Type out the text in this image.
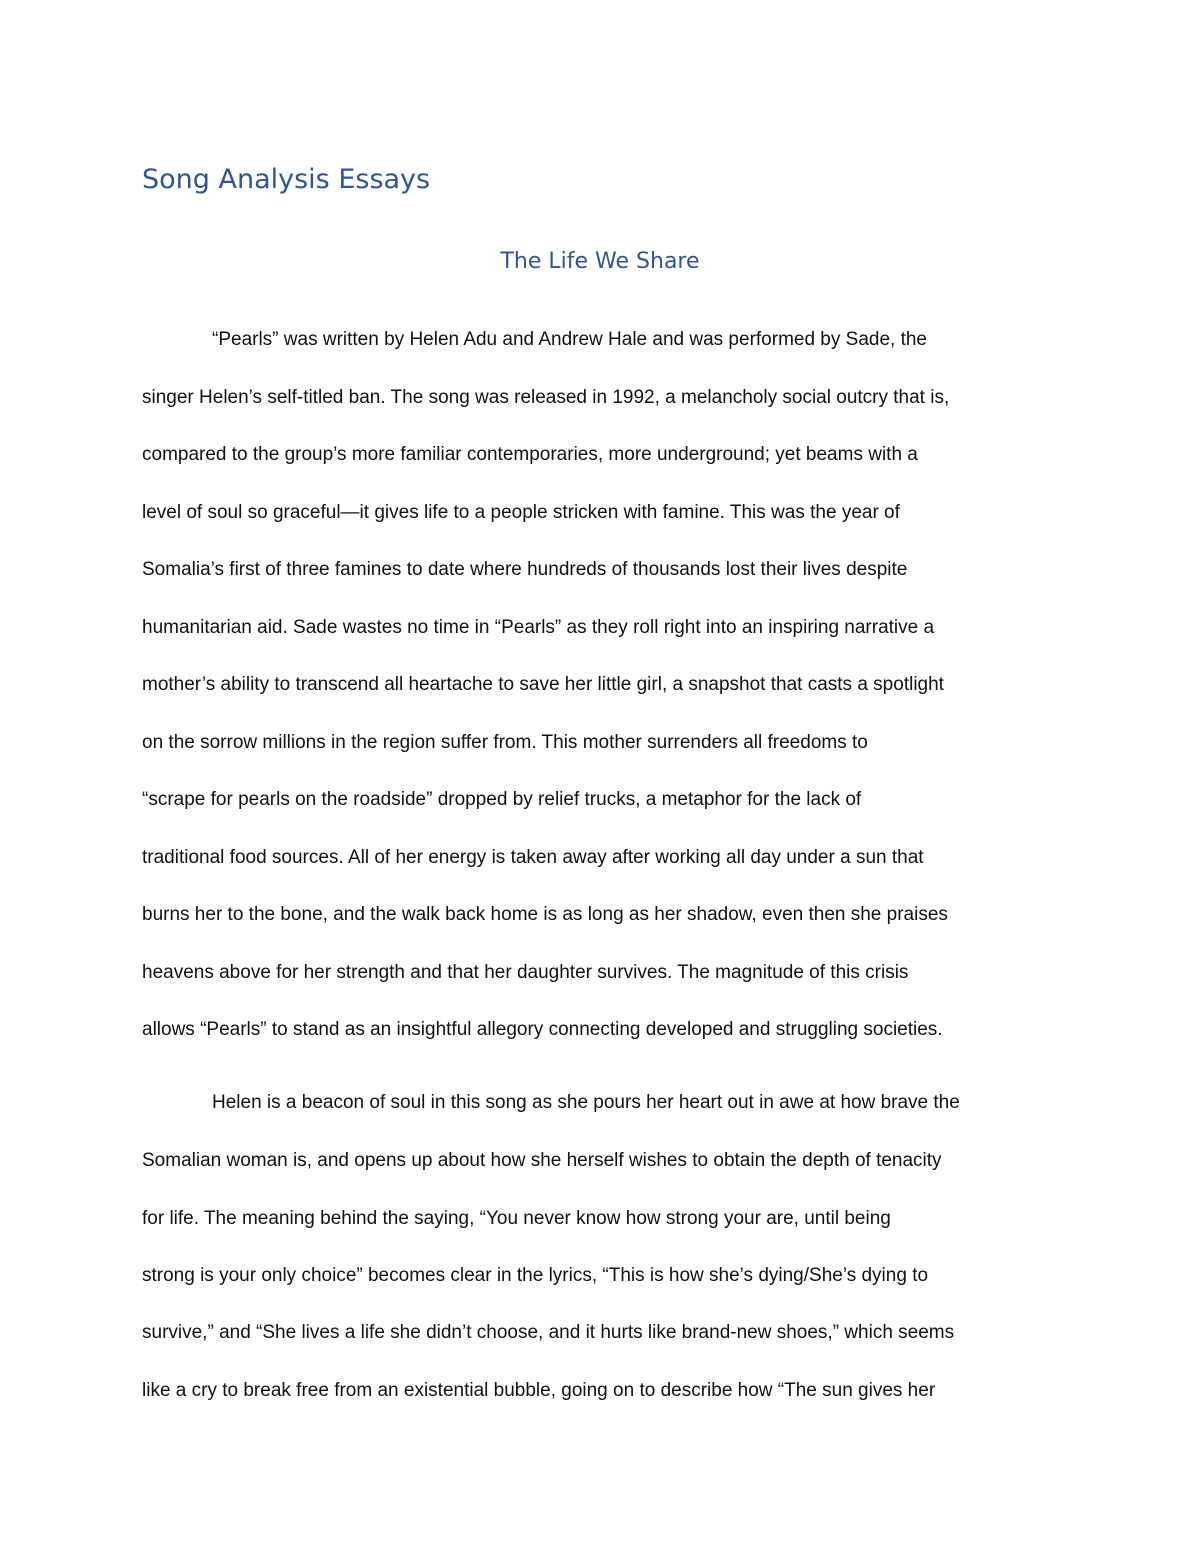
Song Analysis Essays
The Life We Share

“Pearls” was written by Helen Adu and Andrew Hale and was performed by Sade, the

singer Helen’s self-titled ban. The song was released in 1992, a melancholy social outcry that is,

compared to the group’s more familiar contemporaries, more underground; yet beams with a

level of soul so graceful—it gives life to a people stricken with famine. This was the year of

Somalia’s first of three famines to date where hundreds of thousands lost their lives despite

humanitarian aid. Sade wastes no time in “Pearls” as they roll right into an inspiring narrative a

mother’s ability to transcend all heartache to save her little girl, a snapshot that casts a spotlight

on the sorrow millions in the region suffer from. This mother surrenders all freedoms to

“scrape for pearls on the roadside” dropped by relief trucks, a metaphor for the lack of

traditional food sources. All of her energy is taken away after working all day under a sun that

burns her to the bone, and the walk back home is as long as her shadow, even then she praises

heavens above for her strength and that her daughter survives. The magnitude of this crisis

allows “Pearls” to stand as an insightful allegory connecting developed and struggling societies.

Helen is a beacon of soul in this song as she pours her heart out in awe at how brave the

Somalian woman is, and opens up about how she herself wishes to obtain the depth of tenacity

for life. The meaning behind the saying, “You never know how strong your are, until being

strong is your only choice” becomes clear in the lyrics, “This is how she’s dying/She’s dying to

survive,” and “She lives a life she didn’t choose, and it hurts like brand-new shoes,” which seems

like a cry to break free from an existential bubble, going on to describe how “The sun gives her
